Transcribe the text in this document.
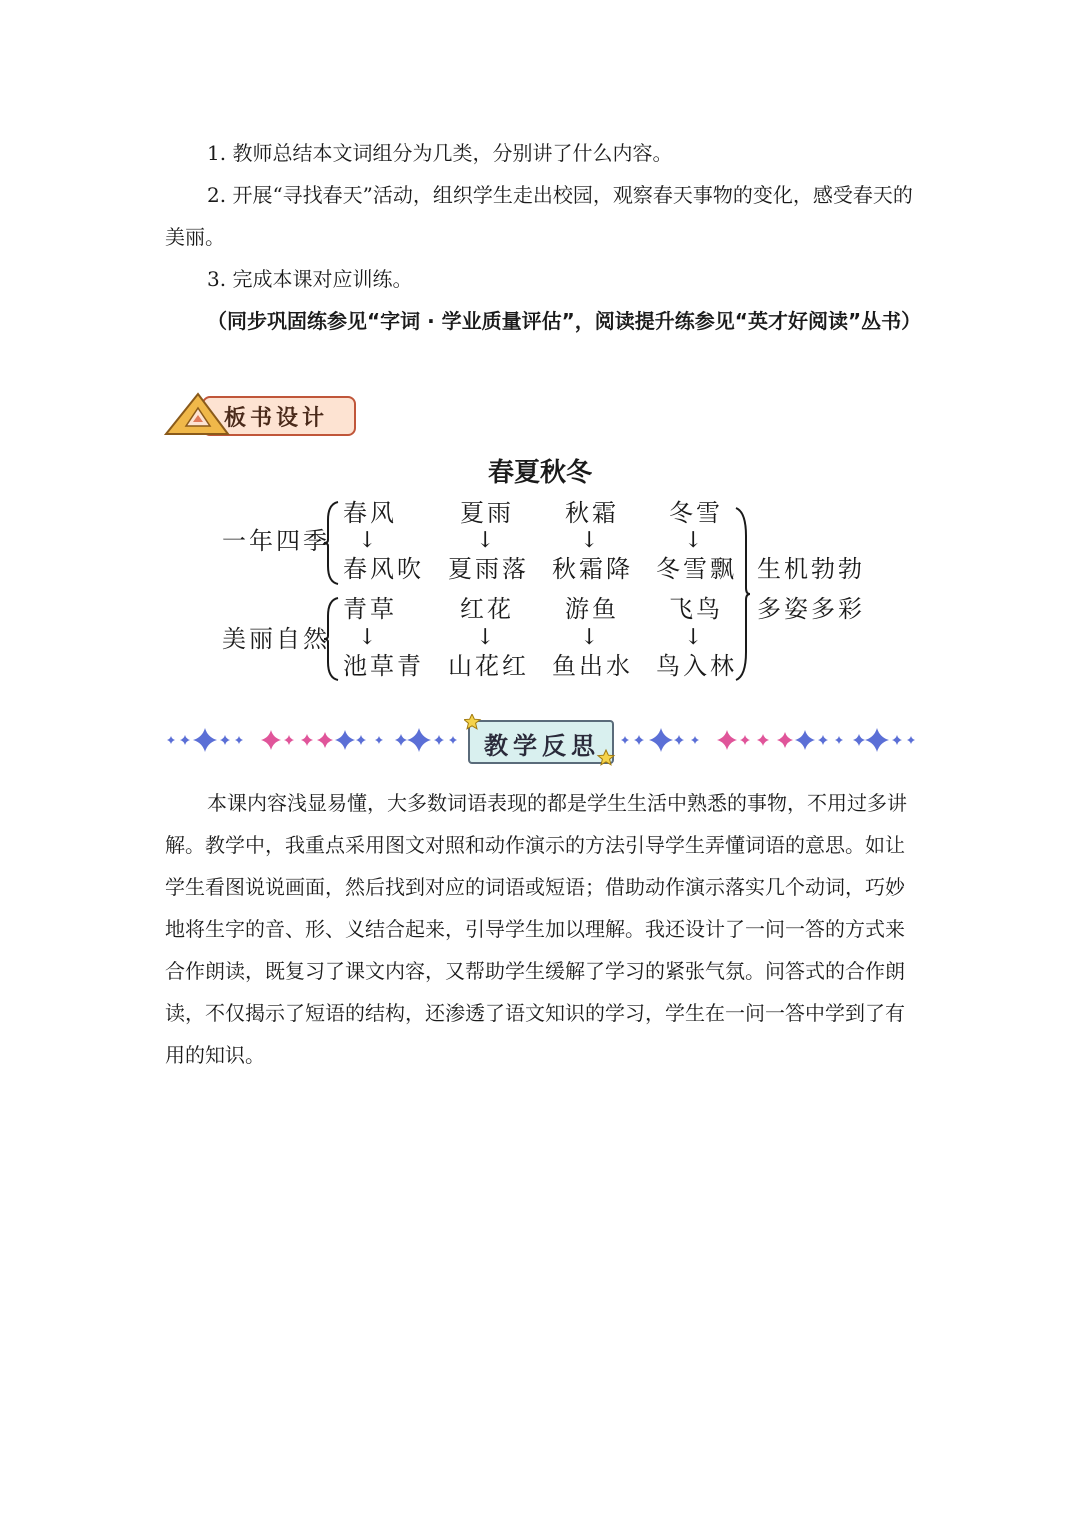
1. 教师总结本文词组分为几类，分别讲了什么内容。

2. 开展“寻找春天”活动，组织学生走出校园，观察春天事物的变化，感受春天的美丽。

3. 完成本课对应训练。

（同步巩固练参见“字词 · 学业质量评估”，阅读提升练参见“英才好阅读”丛书）

板书设计
春夏秋冬
一年四季
春风	夏雨 秋霜 冬雪
↓	↓	↓	↓
春风吹 夏雨落 秋霜降 冬雪飘
美丽自然
青草	红花 游鱼 飞鸟
↓	↓	↓	↓
池草青 山花红 鱼出水 鸟入林
生机勃勃
多姿多彩
教学反思

本课内容浅显易懂，大多数词语表现的都是学生生活中熟悉的事物，不用过多讲解。教学中，我重点采用图文对照和动作演示的方法引导学生弄懂词语的意思。如让学生看图说说画面，然后找到对应的词语或短语；借助动作演示落实几个动词，巧妙地将生字的音、形、义结合起来，引导学生加以理解。我还设计了一问一答的方式来合作朗读，既复习了课文内容，又帮助学生缓解了学习的紧张气氛。问答式的合作朗读，不仅揭示了短语的结构，还渗透了语文知识的学习，学生在一问一答中学到了有用的知识。
